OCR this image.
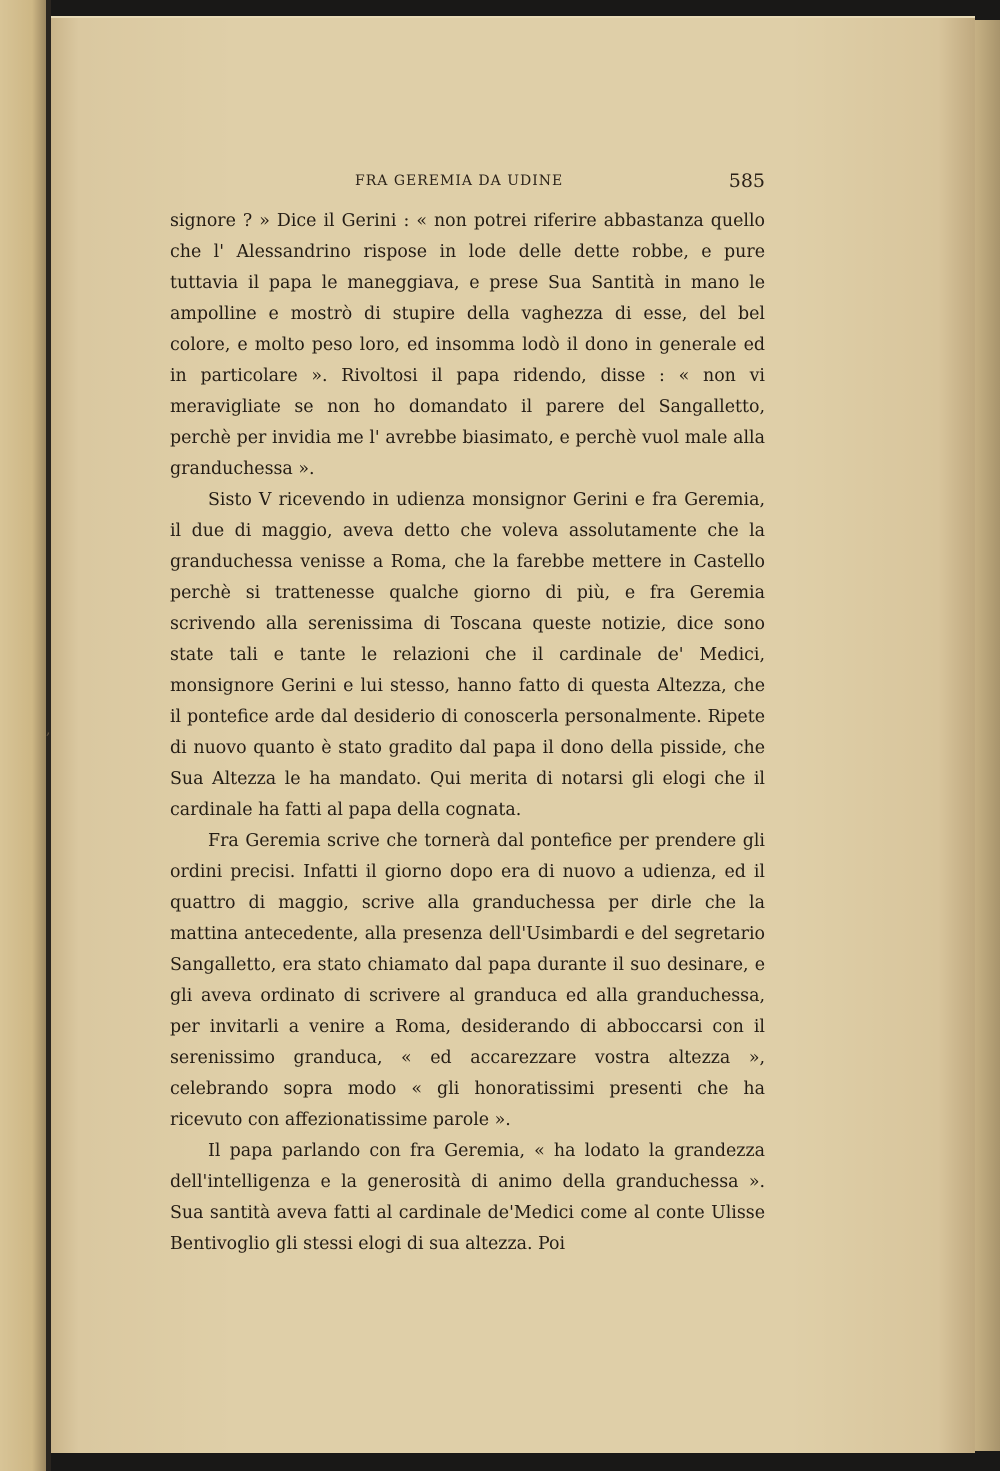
FRA GEREMIA DA UDINE	585

signore ? » Dice il Gerini : « non potrei riferire abbastanza quello che l' Alessandrino rispose in lode delle dette robbe, e pure tuttavia il papa le maneggiava, e prese Sua Santità in mano le ampolline e mostrò di stupire della vaghezza di esse, del bel colore, e molto peso loro, ed insomma lodò il dono in generale ed in particolare ». Rivoltosi il papa ridendo, disse : « non vi meravigliate se non ho domandato il parere del Sangalletto, perchè per invidia me l' avrebbe biasimato, e perchè vuol male alla granduchessa ».

Sisto V ricevendo in udienza monsignor Gerini e fra Geremia, il due di maggio, aveva detto che voleva assolutamente che la granduchessa venisse a Roma, che la farebbe mettere in Castello perchè si trattenesse qualche giorno di più, e fra Geremia scrivendo alla serenissima di Toscana queste notizie, dice sono state tali e tante le relazioni che il cardinale de' Medici, monsignore Gerini e lui stesso, hanno fatto di questa Altezza, che il pontefice arde dal desiderio di conoscerla personalmente. Ripete di nuovo quanto è stato gradito dal papa il dono della pisside, che Sua Altezza le ha mandato. Qui merita di notarsi gli elogi che il cardinale ha fatti al papa della cognata.

Fra Geremia scrive che tornerà dal pontefice per prendere gli ordini precisi. Infatti il giorno dopo era di nuovo a udienza, ed il quattro di maggio, scrive alla granduchessa per dirle che la mattina antecedente, alla presenza dell'Usimbardi e del segretario Sangalletto, era stato chiamato dal papa durante il suo desinare, e gli aveva ordinato di scrivere al granduca ed alla granduchessa, per invitarli a venire a Roma, desiderando di abboccarsi con il serenissimo granduca, « ed accarezzare vostra altezza », celebrando sopra modo « gli honoratissimi presenti che ha ricevuto con affezionatissime parole ».

Il papa parlando con fra Geremia, « ha lodato la grandezza dell'intelligenza e la generosità di animo della granduchessa ». Sua santità aveva fatti al cardinale de'Medici come al conte Ulisse Bentivoglio gli stessi elogi di sua altezza. Poi

,
